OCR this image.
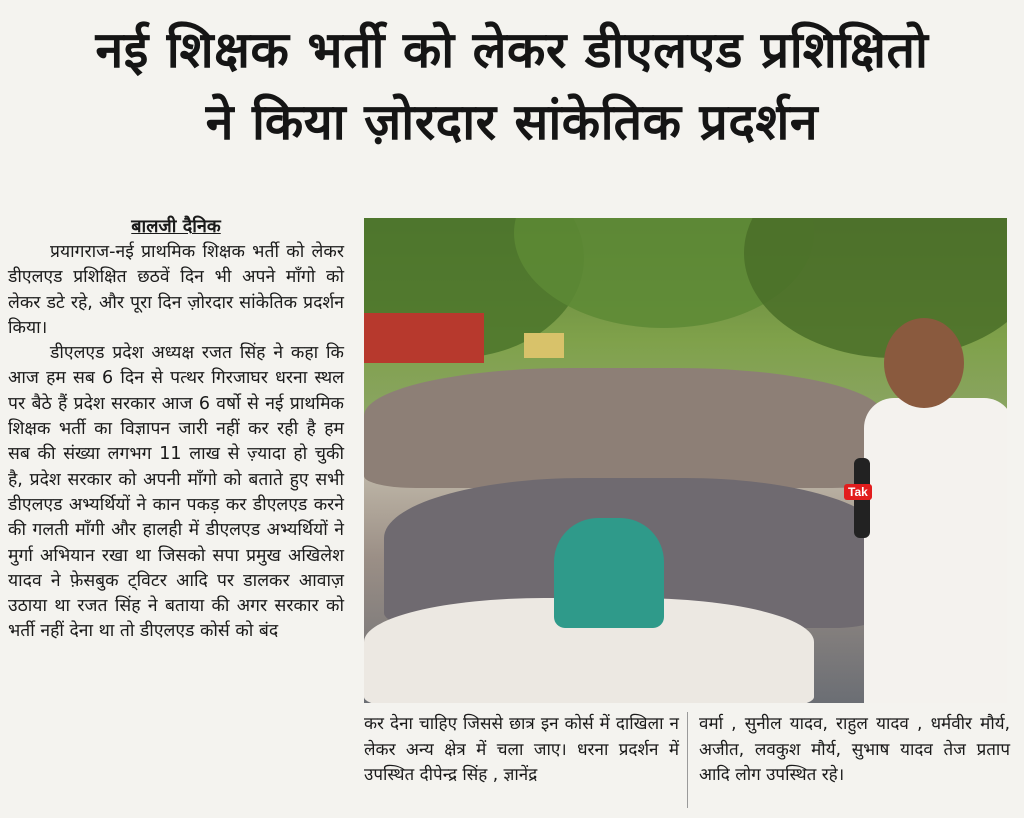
नई शिक्षक भर्ती को लेकर डीएलएड प्रशिक्षितो
ने किया ज़ोरदार सांकेतिक प्रदर्शन
बालजी दैनिक

प्रयागराज-नई प्राथमिक शिक्षक भर्ती को लेकर डीएलएड प्रशिक्षित छठवें दिन भी अपने माँगो को लेकर डटे रहे, और पूरा दिन ज़ोरदार सांकेतिक प्रदर्शन किया।

डीएलएड प्रदेश अध्यक्ष रजत सिंह ने कहा कि आज हम सब 6 दिन से पत्थर गिरजाघर धरना स्थल पर बैठे हैं प्रदेश सरकार आज 6 वर्षो से नई प्राथमिक शिक्षक भर्ती का विज्ञापन जारी नहीं कर रही है हम सब की संख्या लगभग 11 लाख से ज़्यादा हो चुकी है, प्रदेश सरकार को अपनी माँगो को बताते हुए सभी डीएलएड अभ्यर्थियों ने कान पकड़ कर डीएलएड करने की गलती माँगी और हालही में डीएलएड अभ्यर्थियों ने मुर्गा अभियान रखा था जिसको सपा प्रमुख अखिलेश यादव ने फ़ेसबुक ट्विटर आदि पर डालकर आवाज़ उठाया था रजत सिंह ने बताया की अगर सरकार को भर्ती नहीं देना था तो डीएलएड कोर्स को बंद

Tak
कर देना चाहिए जिससे छात्र इन कोर्स में दाखिला न लेकर अन्य क्षेत्र में चला जाए। धरना प्रदर्शन में उपस्थित दीपेन्द्र सिंह , ज्ञानेंद्र
वर्मा , सुनील यादव, राहुल यादव , धर्मवीर मौर्य, अजीत, लवकुश मौर्य, सुभाष यादव तेज प्रताप आदि लोग उपस्थित रहे।
